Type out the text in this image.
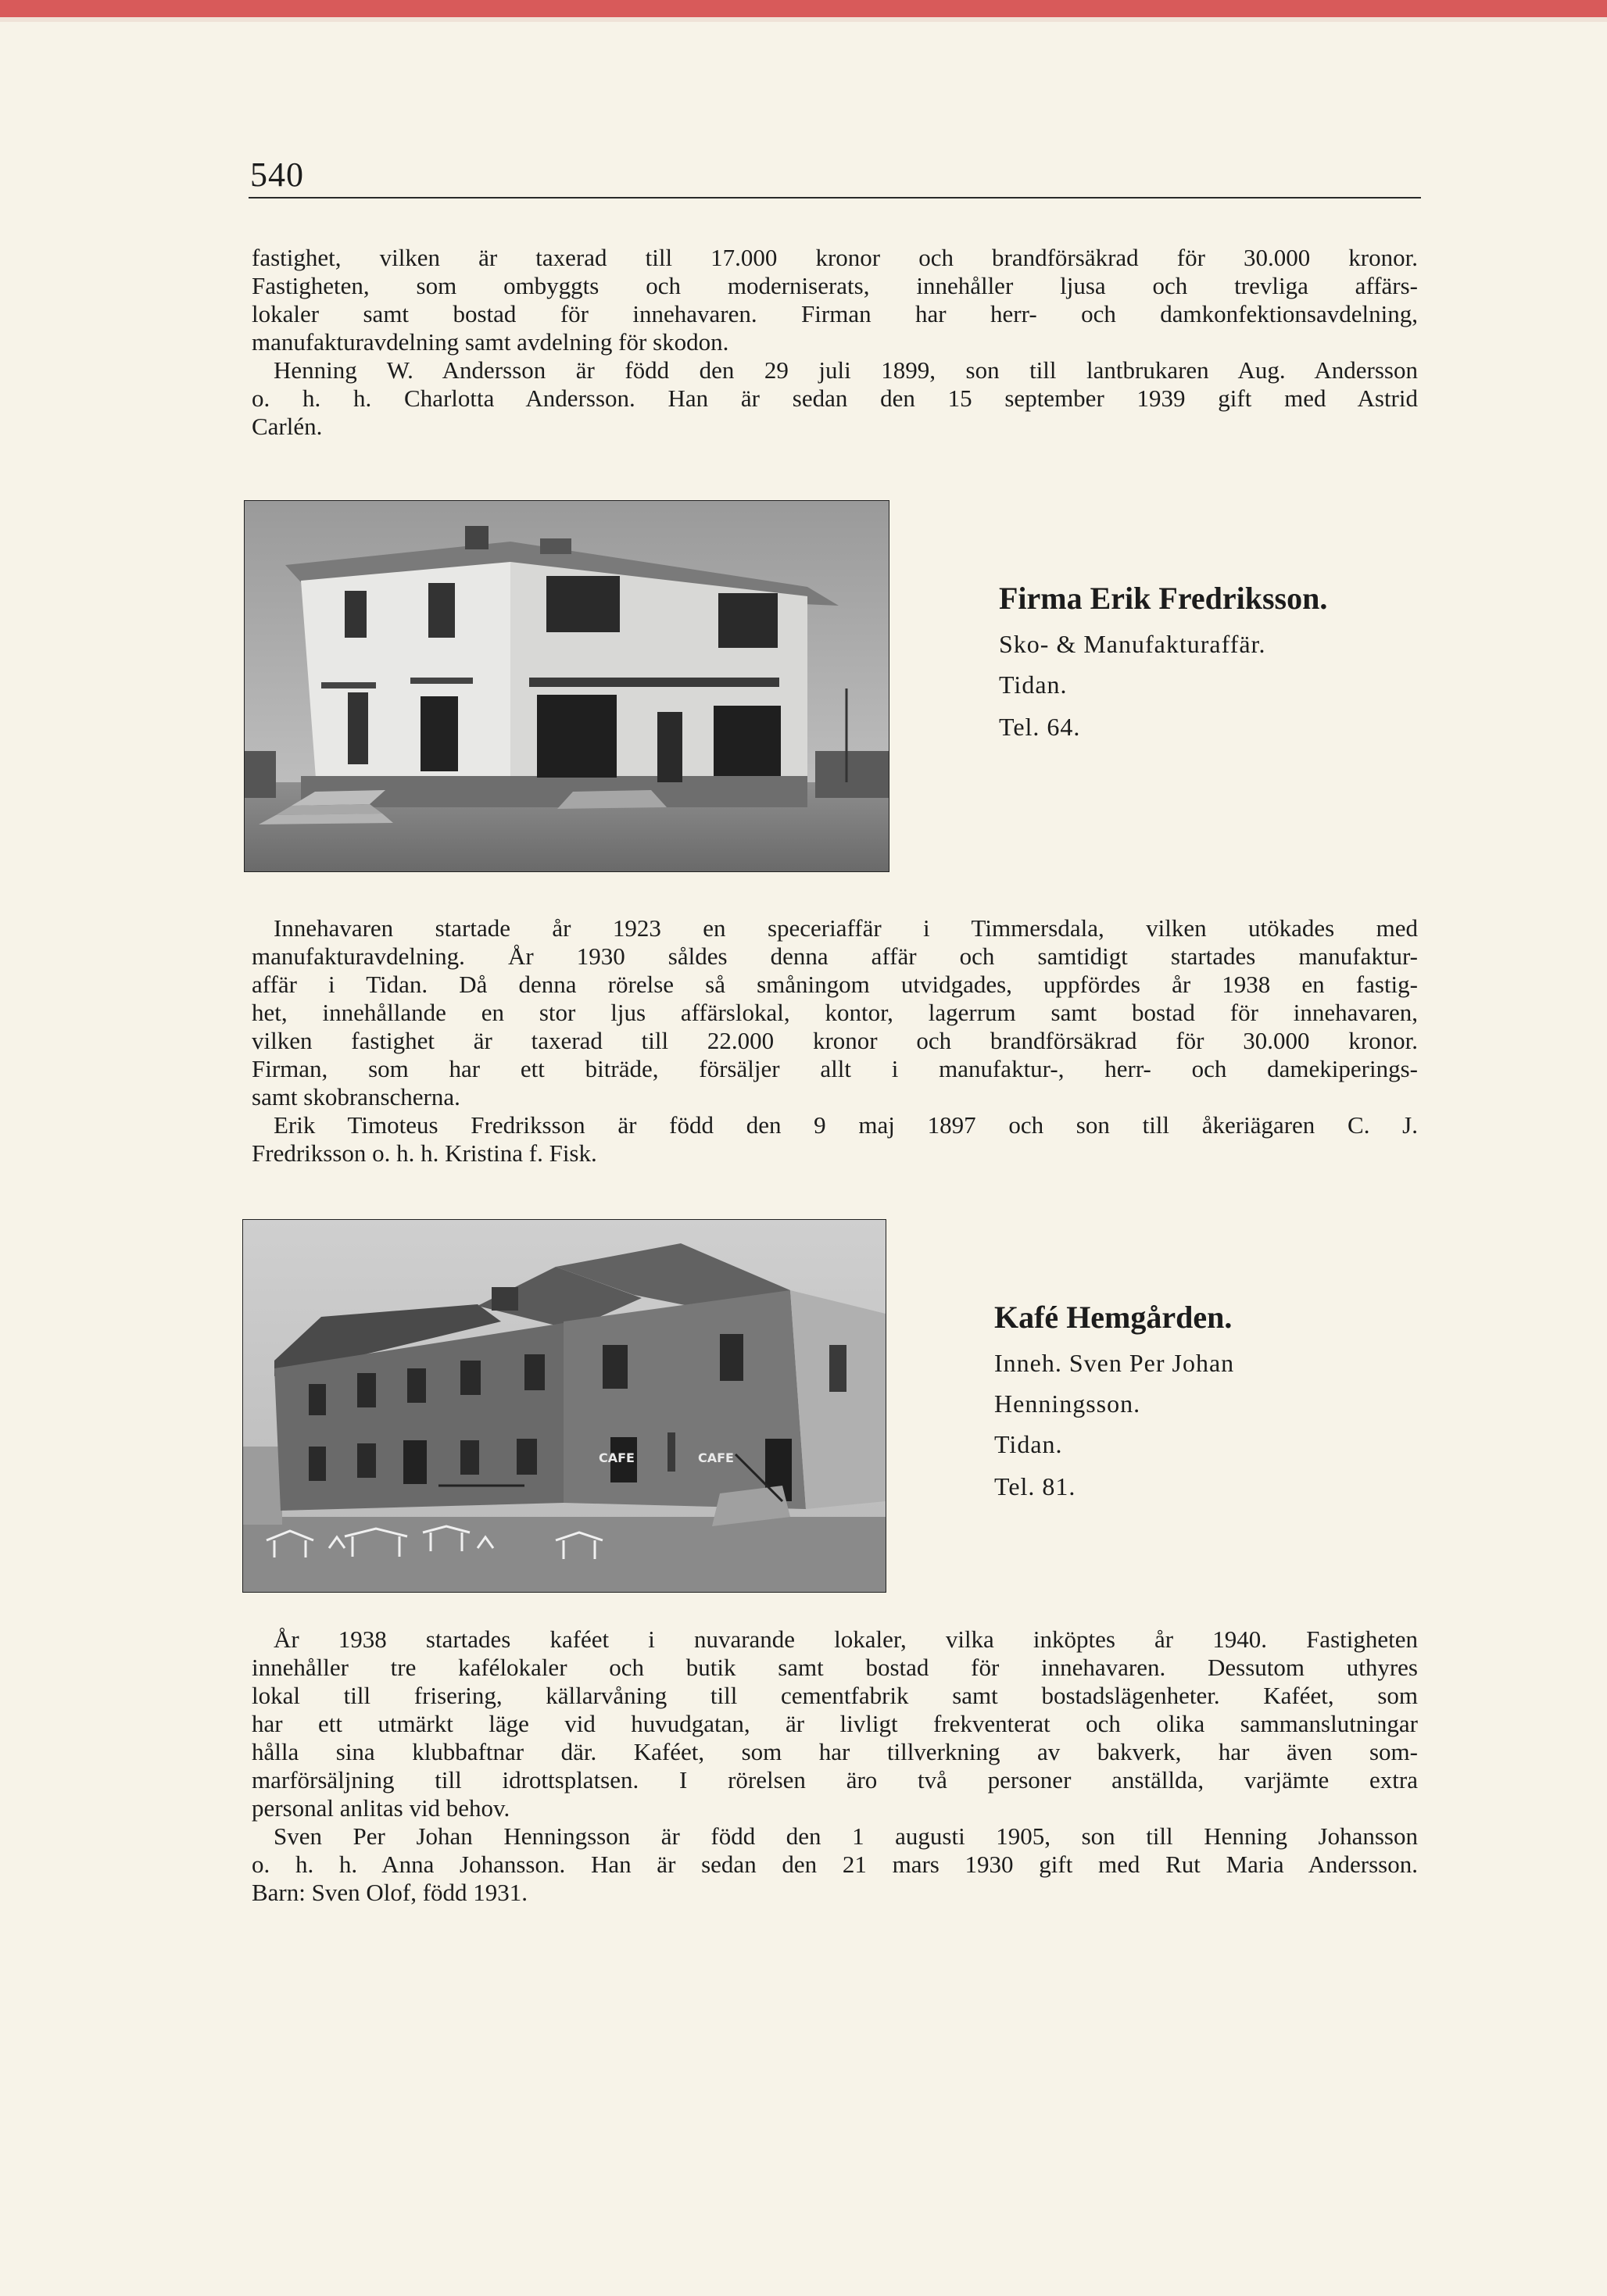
540
fastighet, vilken är taxerad till 17.000 kronor och brandförsäkrad för 30.000 kronor.
Fastigheten, som ombyggts och moderniserats, innehåller ljusa och trevliga affärs-
lokaler samt bostad för innehavaren. Firman har herr- och damkonfektionsavdelning,
manufakturavdelning samt avdelning för skodon.
Henning W. Andersson är född den 29 juli 1899, son till lantbrukaren Aug. Andersson
o. h. h. Charlotta Andersson. Han är sedan den 15 september 1939 gift med Astrid
Carlén.

Firma Erik Fredriksson.

Sko- & Manufakturaffär.

Tidan.

Tel. 64.

Innehavaren startade år 1923 en speceriaffär i Timmersdala, vilken utökades med
manufakturavdelning. År 1930 såldes denna affär och samtidigt startades manufaktur-
affär i Tidan. Då denna rörelse så småningom utvidgades, uppfördes år 1938 en fastig-
het, innehållande en stor ljus affärslokal, kontor, lagerrum samt bostad för innehavaren,
vilken fastighet är taxerad till 22.000 kronor och brandförsäkrad för 30.000 kronor.
Firman, som har ett biträde, försäljer allt i manufaktur-, herr- och damekiperings-
samt skobranscherna.
Erik Timoteus Fredriksson är född den 9 maj 1897 och son till åkeriägaren C. J.
Fredriksson o. h. h. Kristina f. Fisk.
CAFE	CAFE

Kafé Hemgården.

Inneh. Sven Per Johan

Henningsson.

Tidan.

Tel. 81.

År 1938 startades kaféet i nuvarande lokaler, vilka inköptes år 1940. Fastigheten
innehåller tre kafélokaler och butik samt bostad för innehavaren. Dessutom uthyres
lokal till frisering, källarvåning till cementfabrik samt bostadslägenheter. Kaféet, som
har ett utmärkt läge vid huvudgatan, är livligt frekventerat och olika sammanslutningar
hålla sina klubbaftnar där. Kaféet, som har tillverkning av bakverk, har även som-
marförsäljning till idrottsplatsen. I rörelsen äro två personer anställda, varjämte extra
personal anlitas vid behov.
Sven Per Johan Henningsson är född den 1 augusti 1905, son till Henning Johansson
o. h. h. Anna Johansson. Han är sedan den 21 mars 1930 gift med Rut Maria Andersson.
Barn: Sven Olof, född 1931.
